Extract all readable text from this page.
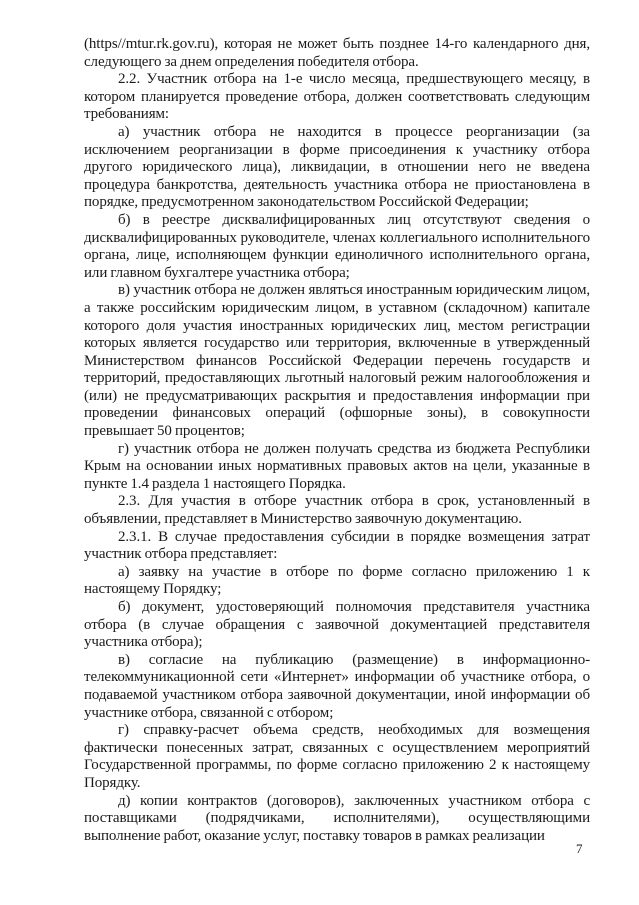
(https//mtur.rk.gov.ru), которая не может быть позднее 14-го календарного дня, следующего за днем определения победителя отбора.

2.2. Участник отбора на 1-е число месяца, предшествующего месяцу, в котором планируется проведение отбора, должен соответствовать следующим требованиям:

а) участник отбора не находится в процессе реорганизации (за исключением реорганизации в форме присоединения к участнику отбора другого юридического лица), ликвидации, в отношении него не введена процедура банкротства, деятельность участника отбора не приостановлена в порядке, предусмотренном законодательством Российской Федерации;

б) в реестре дисквалифицированных лиц отсутствуют сведения о дисквалифицированных руководителе, членах коллегиального исполнительного органа, лице, исполняющем функции единоличного исполнительного органа, или главном бухгалтере участника отбора;

в) участник отбора не должен являться иностранным юридическим лицом, а также российским юридическим лицом, в уставном (складочном) капитале которого доля участия иностранных юридических лиц, местом регистрации которых является государство или территория, включенные в утвержденный Министерством финансов Российской Федерации перечень государств и территорий, предоставляющих льготный налоговый режим налогообложения и (или) не предусматривающих раскрытия и предоставления информации при проведении финансовых операций (офшорные зоны), в совокупности превышает 50 процентов;

г) участник отбора не должен получать средства из бюджета Республики Крым на основании иных нормативных правовых актов на цели, указанные в пункте 1.4 раздела 1 настоящего Порядка.

2.3. Для участия в отборе участник отбора в срок, установленный в объявлении, представляет в Министерство заявочную документацию.

2.3.1. В случае предоставления субсидии в порядке возмещения затрат участник отбора представляет:

а) заявку на участие в отборе по форме согласно приложению 1 к настоящему Порядку;

б) документ, удостоверяющий полномочия представителя участника отбора (в случае обращения с заявочной документацией представителя участника отбора);

в) согласие на публикацию (размещение) в информационно-телекоммуникационной сети «Интернет» информации об участнике отбора, о подаваемой участником отбора заявочной документации, иной информации об участнике отбора, связанной с отбором;

г) справку-расчет объема средств, необходимых для возмещения фактически понесенных затрат, связанных с осуществлением мероприятий Государственной программы, по форме согласно приложению 2 к настоящему Порядку.

д) копии контрактов (договоров), заключенных участником отбора с поставщиками (подрядчиками, исполнителями), осуществляющими выполнение работ, оказание услуг, поставку товаров в рамках реализации

7
